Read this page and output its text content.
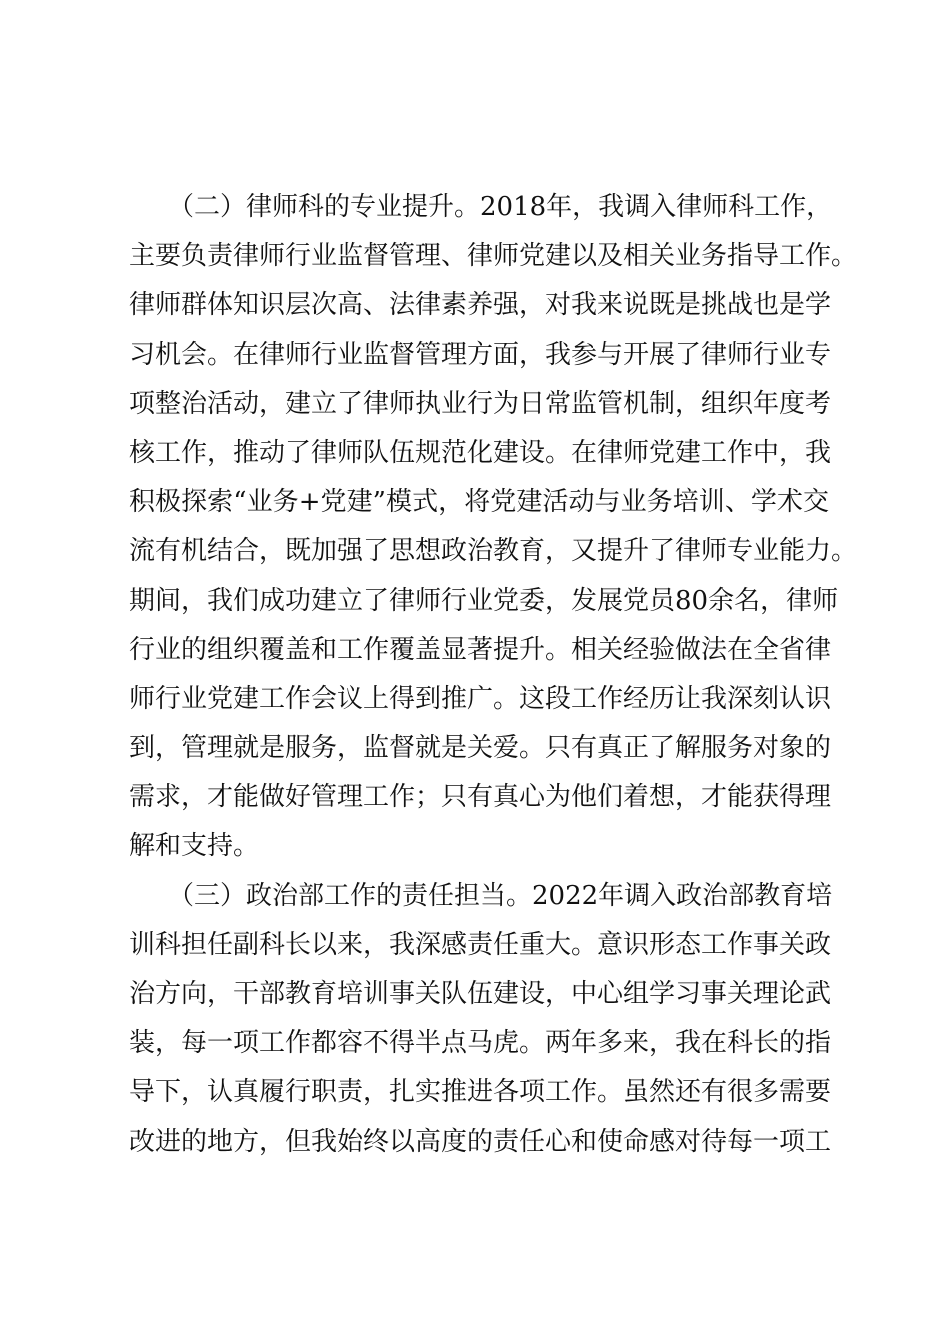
　　（二）律师科的专业提升。2018年，我调入律师科工作，
主要负责律师行业监督管理、律师党建以及相关业务指导工作。
律师群体知识层次高、法律素养强，对我来说既是挑战也是学
习机会。在律师行业监督管理方面，我参与开展了律师行业专
项整治活动，建立了律师执业行为日常监管机制，组织年度考
核工作，推动了律师队伍规范化建设。在律师党建工作中，我
积极探索“业务+党建”模式，将党建活动与业务培训、学术交
流有机结合，既加强了思想政治教育，又提升了律师专业能力。
期间，我们成功建立了律师行业党委，发展党员80余名，律师
行业的组织覆盖和工作覆盖显著提升。相关经验做法在全省律
师行业党建工作会议上得到推广。这段工作经历让我深刻认识
到，管理就是服务，监督就是关爱。只有真正了解服务对象的
需求，才能做好管理工作；只有真心为他们着想，才能获得理
解和支持。
　　（三）政治部工作的责任担当。2022年调入政治部教育培
训科担任副科长以来，我深感责任重大。意识形态工作事关政
治方向，干部教育培训事关队伍建设，中心组学习事关理论武
装，每一项工作都容不得半点马虎。两年多来，我在科长的指
导下，认真履行职责，扎实推进各项工作。虽然还有很多需要
改进的地方，但我始终以高度的责任心和使命感对待每一项工
